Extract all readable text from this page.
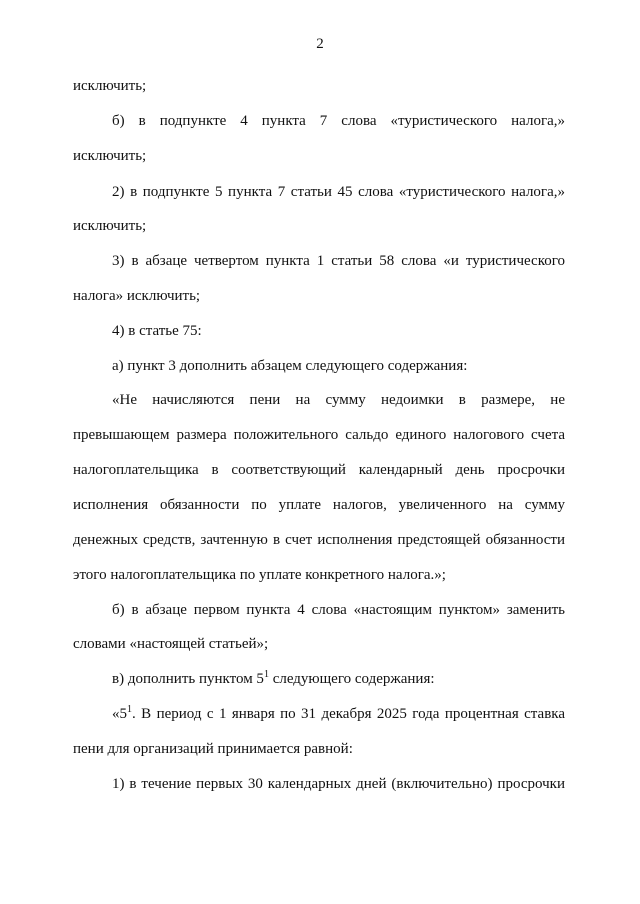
2
исключить;
б) в подпункте 4 пункта 7 слова «туристического налога,»
исключить;
2) в подпункте 5 пункта 7 статьи 45 слова «туристического налога,»
исключить;
3) в абзаце четвертом пункта 1 статьи 58 слова «и туристического
налога» исключить;
4) в статье 75:
а) пункт 3 дополнить абзацем следующего содержания:
«Не начисляются пени на сумму недоимки в размере, не
превышающем размера положительного сальдо единого налогового счета
налогоплательщика в соответствующий календарный день просрочки
исполнения обязанности по уплате налогов, увеличенного на сумму
денежных средств, зачтенную в счет исполнения предстоящей обязанности
этого налогоплательщика по уплате конкретного налога.»;
б) в абзаце первом пункта 4 слова «настоящим пунктом» заменить
словами «настоящей статьей»;
в) дополнить пунктом $5^1$ следующего содержания:
«$5^1$. В период с 1 января по 31 декабря 2025 года процентная ставка
пени для организаций принимается равной:
1) в течение первых 30 календарных дней (включительно) просрочки
